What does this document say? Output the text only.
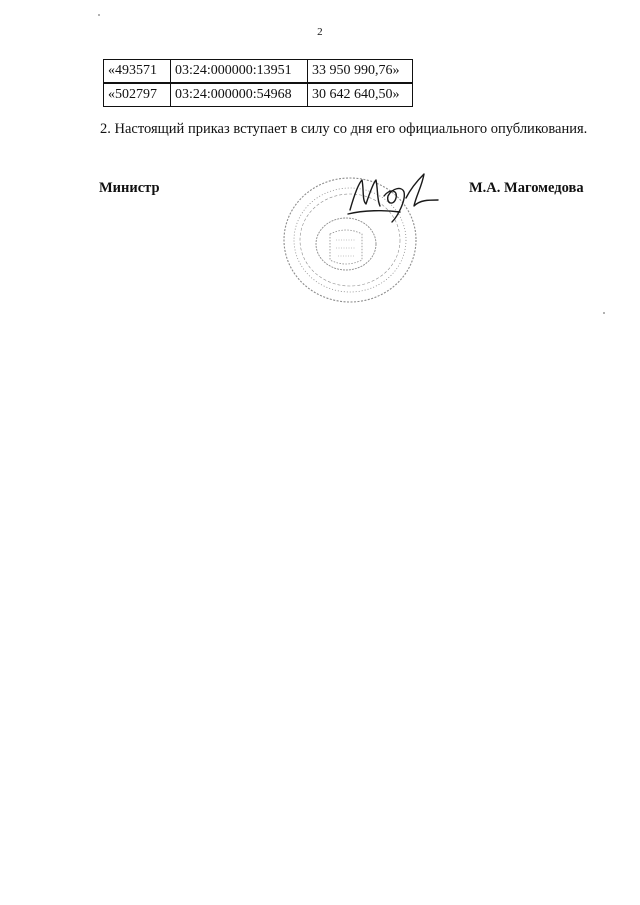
2
«493571	03:24:000000:13951	33 950 990,76»
«502797	03:24:000000:54968	30 642 640,50»
2. Настоящий приказ вступает в силу со дня его официального опубликования.
Министр	М.А. Магомедова
